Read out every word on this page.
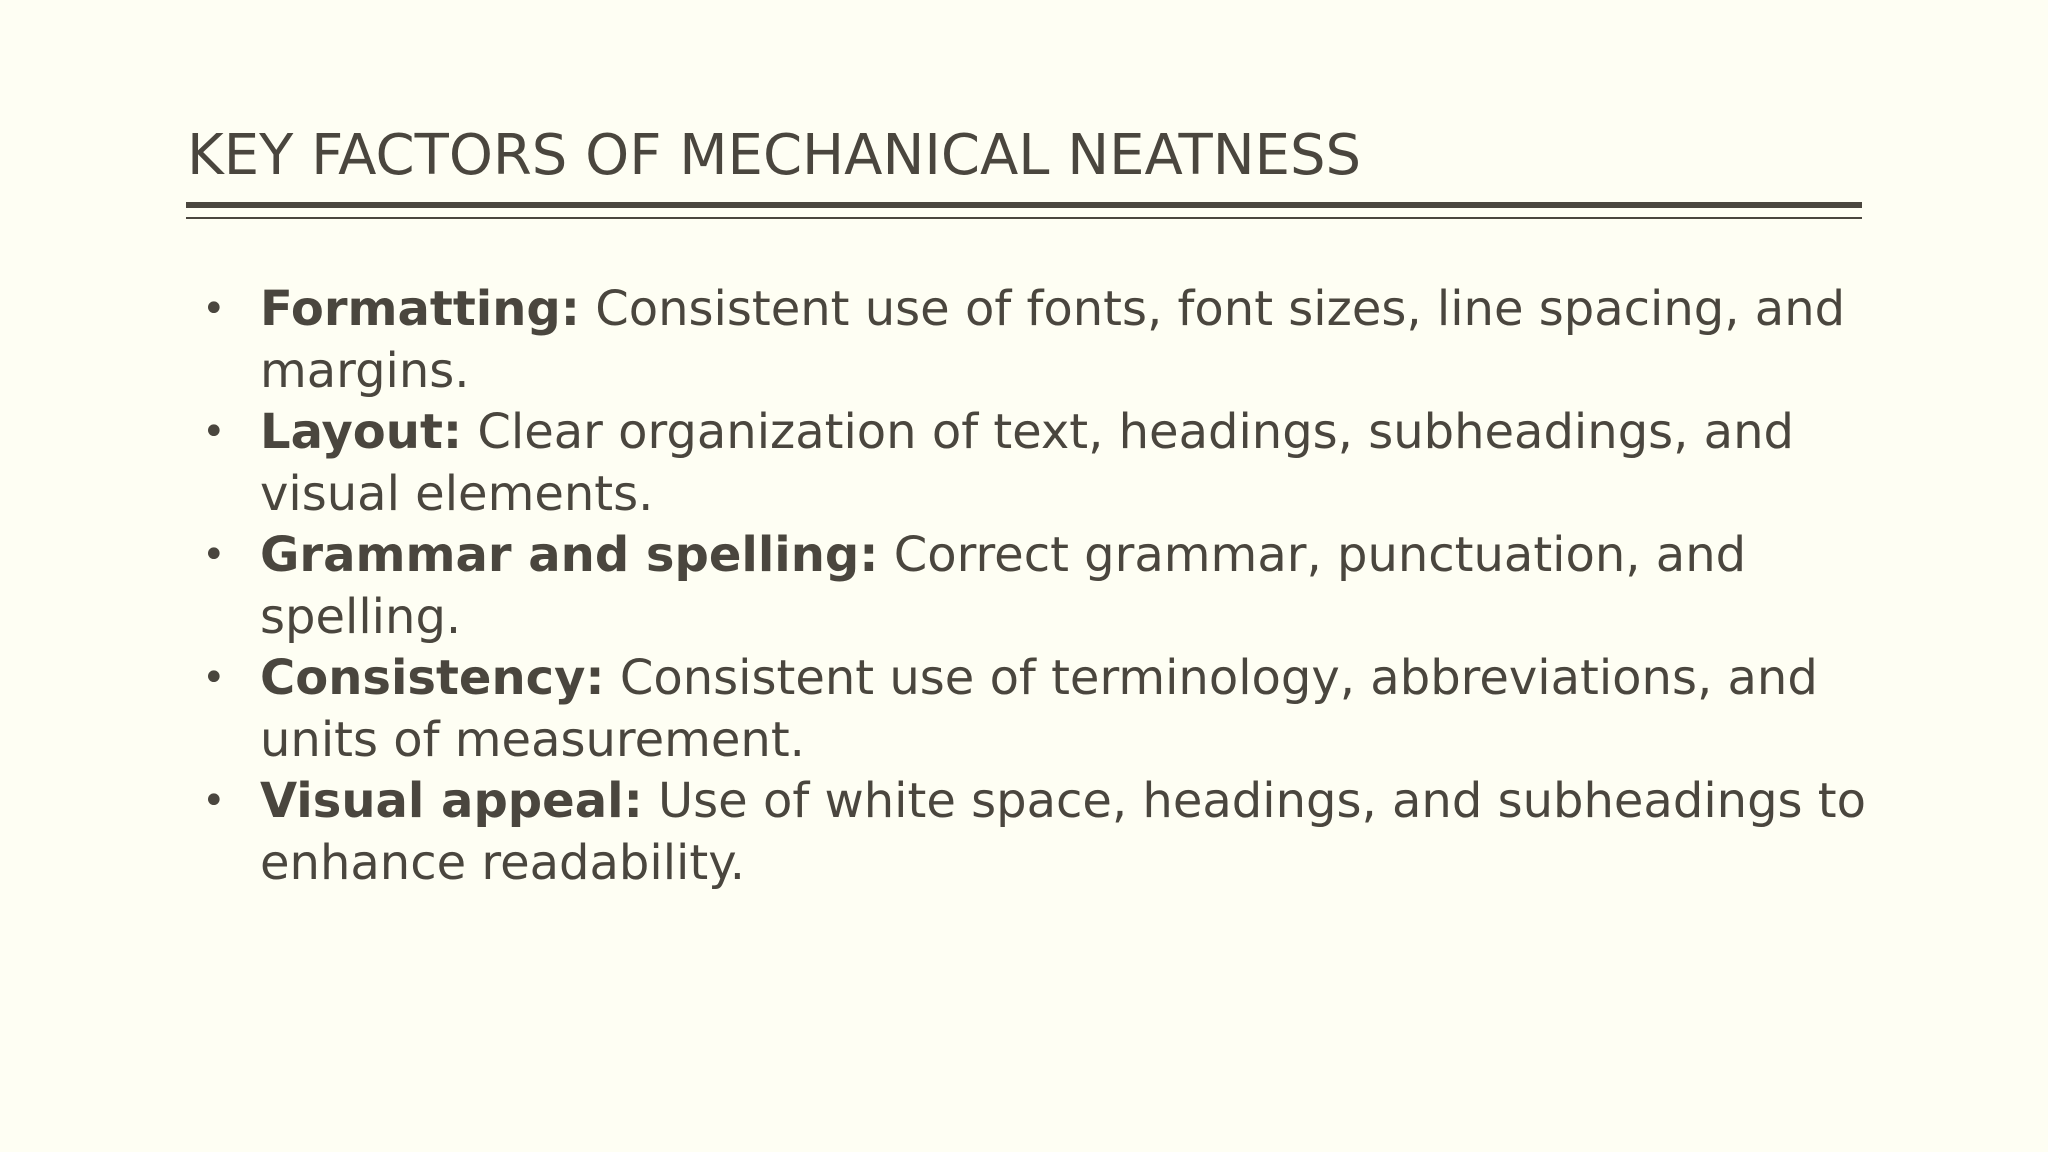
KEY FACTORS OF MECHANICAL NEATNESS
• Formatting: Consistent use of fonts, font sizes, line spacing, and margins.
• Layout: Clear organization of text, headings, subheadings, and visual elements.
• Grammar and spelling: Correct grammar, punctuation, and spelling.
• Consistency: Consistent use of terminology, abbreviations, and units of measurement.
• Visual appeal: Use of white space, headings, and subheadings to enhance readability.
